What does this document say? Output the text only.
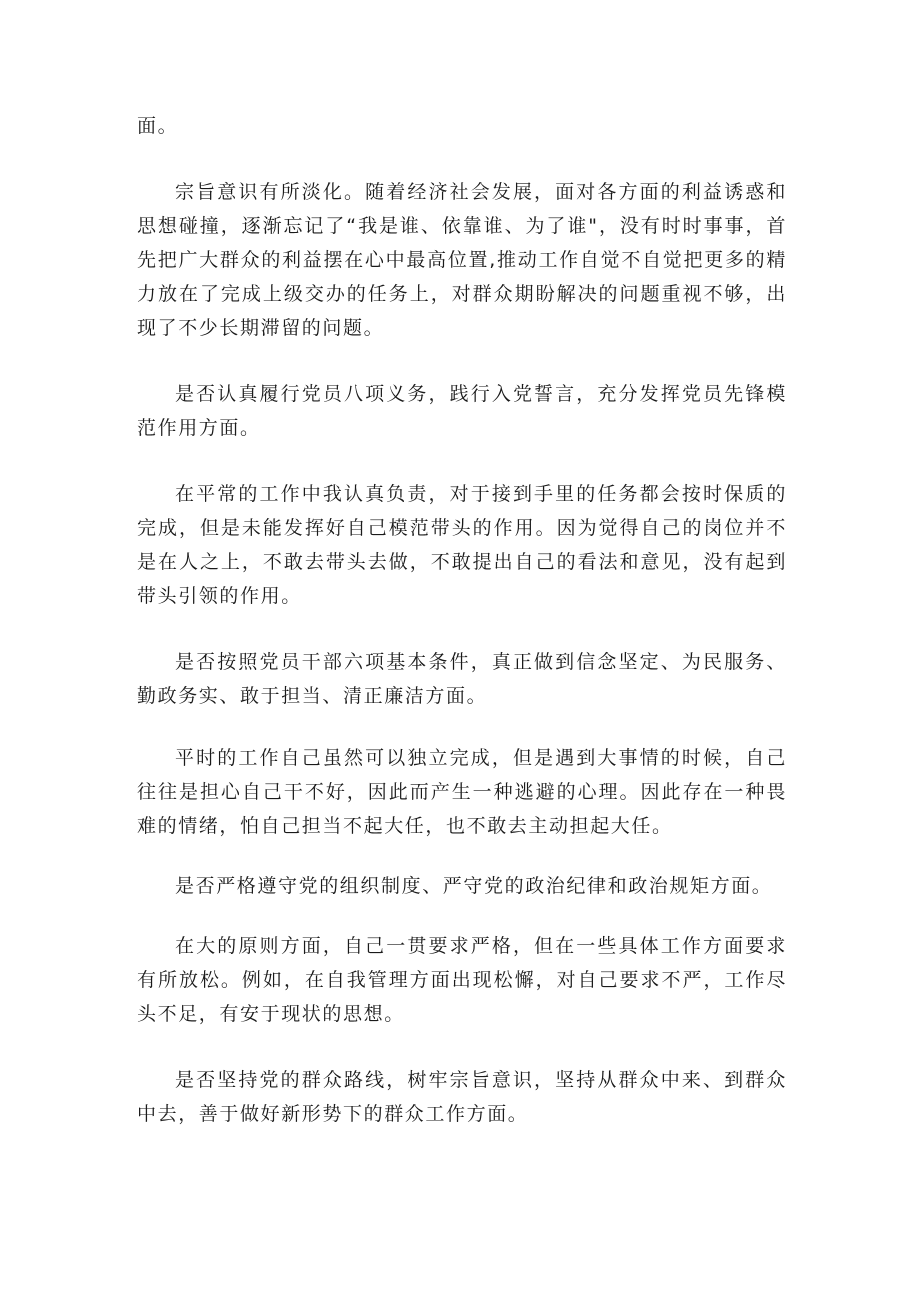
面。

宗旨意识有所淡化。随着经济社会发展，面对各方面的利益诱惑和思想碰撞，逐渐忘记了“我是谁、依靠谁、为了谁"，没有时时事事，首先把广大群众的利益摆在心中最高位置,推动工作自觉不自觉把更多的精力放在了完成上级交办的任务上，对群众期盼解决的问题重视不够，出现了不少长期滞留的问题。

是否认真履行党员八项义务，践行入党誓言，充分发挥党员先锋模范作用方面。

在平常的工作中我认真负责，对于接到手里的任务都会按时保质的完成，但是未能发挥好自己模范带头的作用。因为觉得自己的岗位并不是在人之上，不敢去带头去做，不敢提出自己的看法和意见，没有起到带头引领的作用。

是否按照党员干部六项基本条件，真正做到信念坚定、为民服务、勤政务实、敢于担当、清正廉洁方面。

平时的工作自己虽然可以独立完成，但是遇到大事情的时候，自己往往是担心自己干不好，因此而产生一种逃避的心理。因此存在一种畏难的情绪，怕自己担当不起大任，也不敢去主动担起大任。

是否严格遵守党的组织制度、严守党的政治纪律和政治规矩方面。

在大的原则方面，自己一贯要求严格，但在一些具体工作方面要求有所放松。例如，在自我管理方面出现松懈，对自己要求不严，工作尽头不足，有安于现状的思想。

是否坚持党的群众路线，树牢宗旨意识，坚持从群众中来、到群众中去，善于做好新形势下的群众工作方面。
